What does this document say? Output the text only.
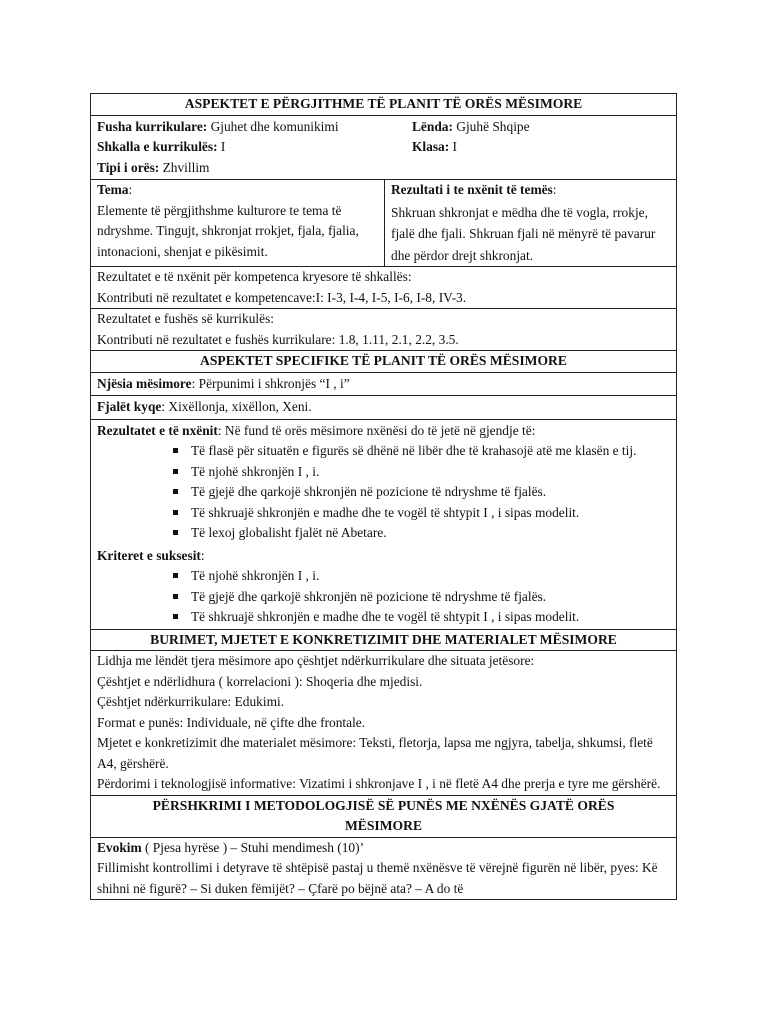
ASPEKTET E PËRGJITHME TË PLANIT TË ORËS MËSIMORE
Fusha kurrikulare: Gjuhet dhe komunikimi	Lënda: Gjuhë Shqipe
Shkalla e kurrikulës: I	Klasa: I
Tipi i orës: Zhvillim
Tema:
Elemente të përgjithshme kulturore te tema të ndryshme. Tingujt, shkronjat rrokjet, fjala, fjalia, intonacioni, shenjat e pikësimit.
Rezultati i te nxënit të temës:
Shkruan shkronjat e mëdha dhe të vogla, rrokje, fjalë dhe fjali. Shkruan fjali në mënyrë të pavarur dhe përdor drejt shkronjat.
Rezultatet e të nxënit për kompetenca kryesore të shkallës:
Kontributi në rezultatet e kompetencave:I: I-3, I-4, I-5, I-6, I-8, IV-3.
Rezultatet e fushës së kurrikulës:
Kontributi në rezultatet e fushës kurrikulare: 1.8, 1.11, 2.1, 2.2, 3.5.
ASPEKTET SPECIFIKE TË PLANIT TË ORËS MËSIMORE
Njësia mësimore: Përpunimi i shkronjës “I , i”
Fjalët kyqe: Xixëllonja, xixëllon, Xeni.
Rezultatet e të nxënit: Në fund të orës mësimore nxënësi do të jetë në gjendje të:
Të flasë për situatën e figurës së dhënë në libër dhe të krahasojë atë me klasën e tij.
Të njohë shkronjën I , i.
Të gjejë dhe qarkojë shkronjën në pozicione të ndryshme të fjalës.
Të shkruajë shkronjën e madhe dhe te vogël të shtypit I , i sipas modelit.
Të lexoj globalisht fjalët në Abetare.
Kriteret e suksesit:
Të njohë shkronjën I , i.
Të gjejë dhe qarkojë shkronjën në pozicione të ndryshme të fjalës.
Të shkruajë shkronjën e madhe dhe te vogël të shtypit I , i sipas modelit.
BURIMET, MJETET E KONKRETIZIMIT DHE MATERIALET MËSIMORE
Lidhja me lëndët tjera mësimore apo çështjet ndërkurrikulare dhe situata jetësore:
Çështjet e ndërlidhura ( korrelacioni ): Shoqeria dhe mjedisi.
Çështjet ndërkurrikulare: Edukimi.
Format e punës: Individuale, në çifte dhe frontale.
Mjetet e konkretizimit dhe materialet mësimore: Teksti, fletorja, lapsa me ngjyra, tabelja, shkumsi, fletë A4, gërshërë.
Përdorimi i teknologjisë informative: Vizatimi i shkronjave I , i në fletë A4 dhe prerja e tyre me gërshërë.
PËRSHKRIMI I METODOLOGJISË SË PUNËS ME NXËNËS GJATË ORËS MËSIMORE
Evokim ( Pjesa hyrëse ) – Stuhi mendimesh (10)’
Fillimisht kontrollimi i detyrave të shtëpisë pastaj u themë nxënësve të vërejnë figurën në libër, pyes: Kë shihni në figurë? – Si duken fëmijët? – Çfarë po bëjnë ata? – A do të
